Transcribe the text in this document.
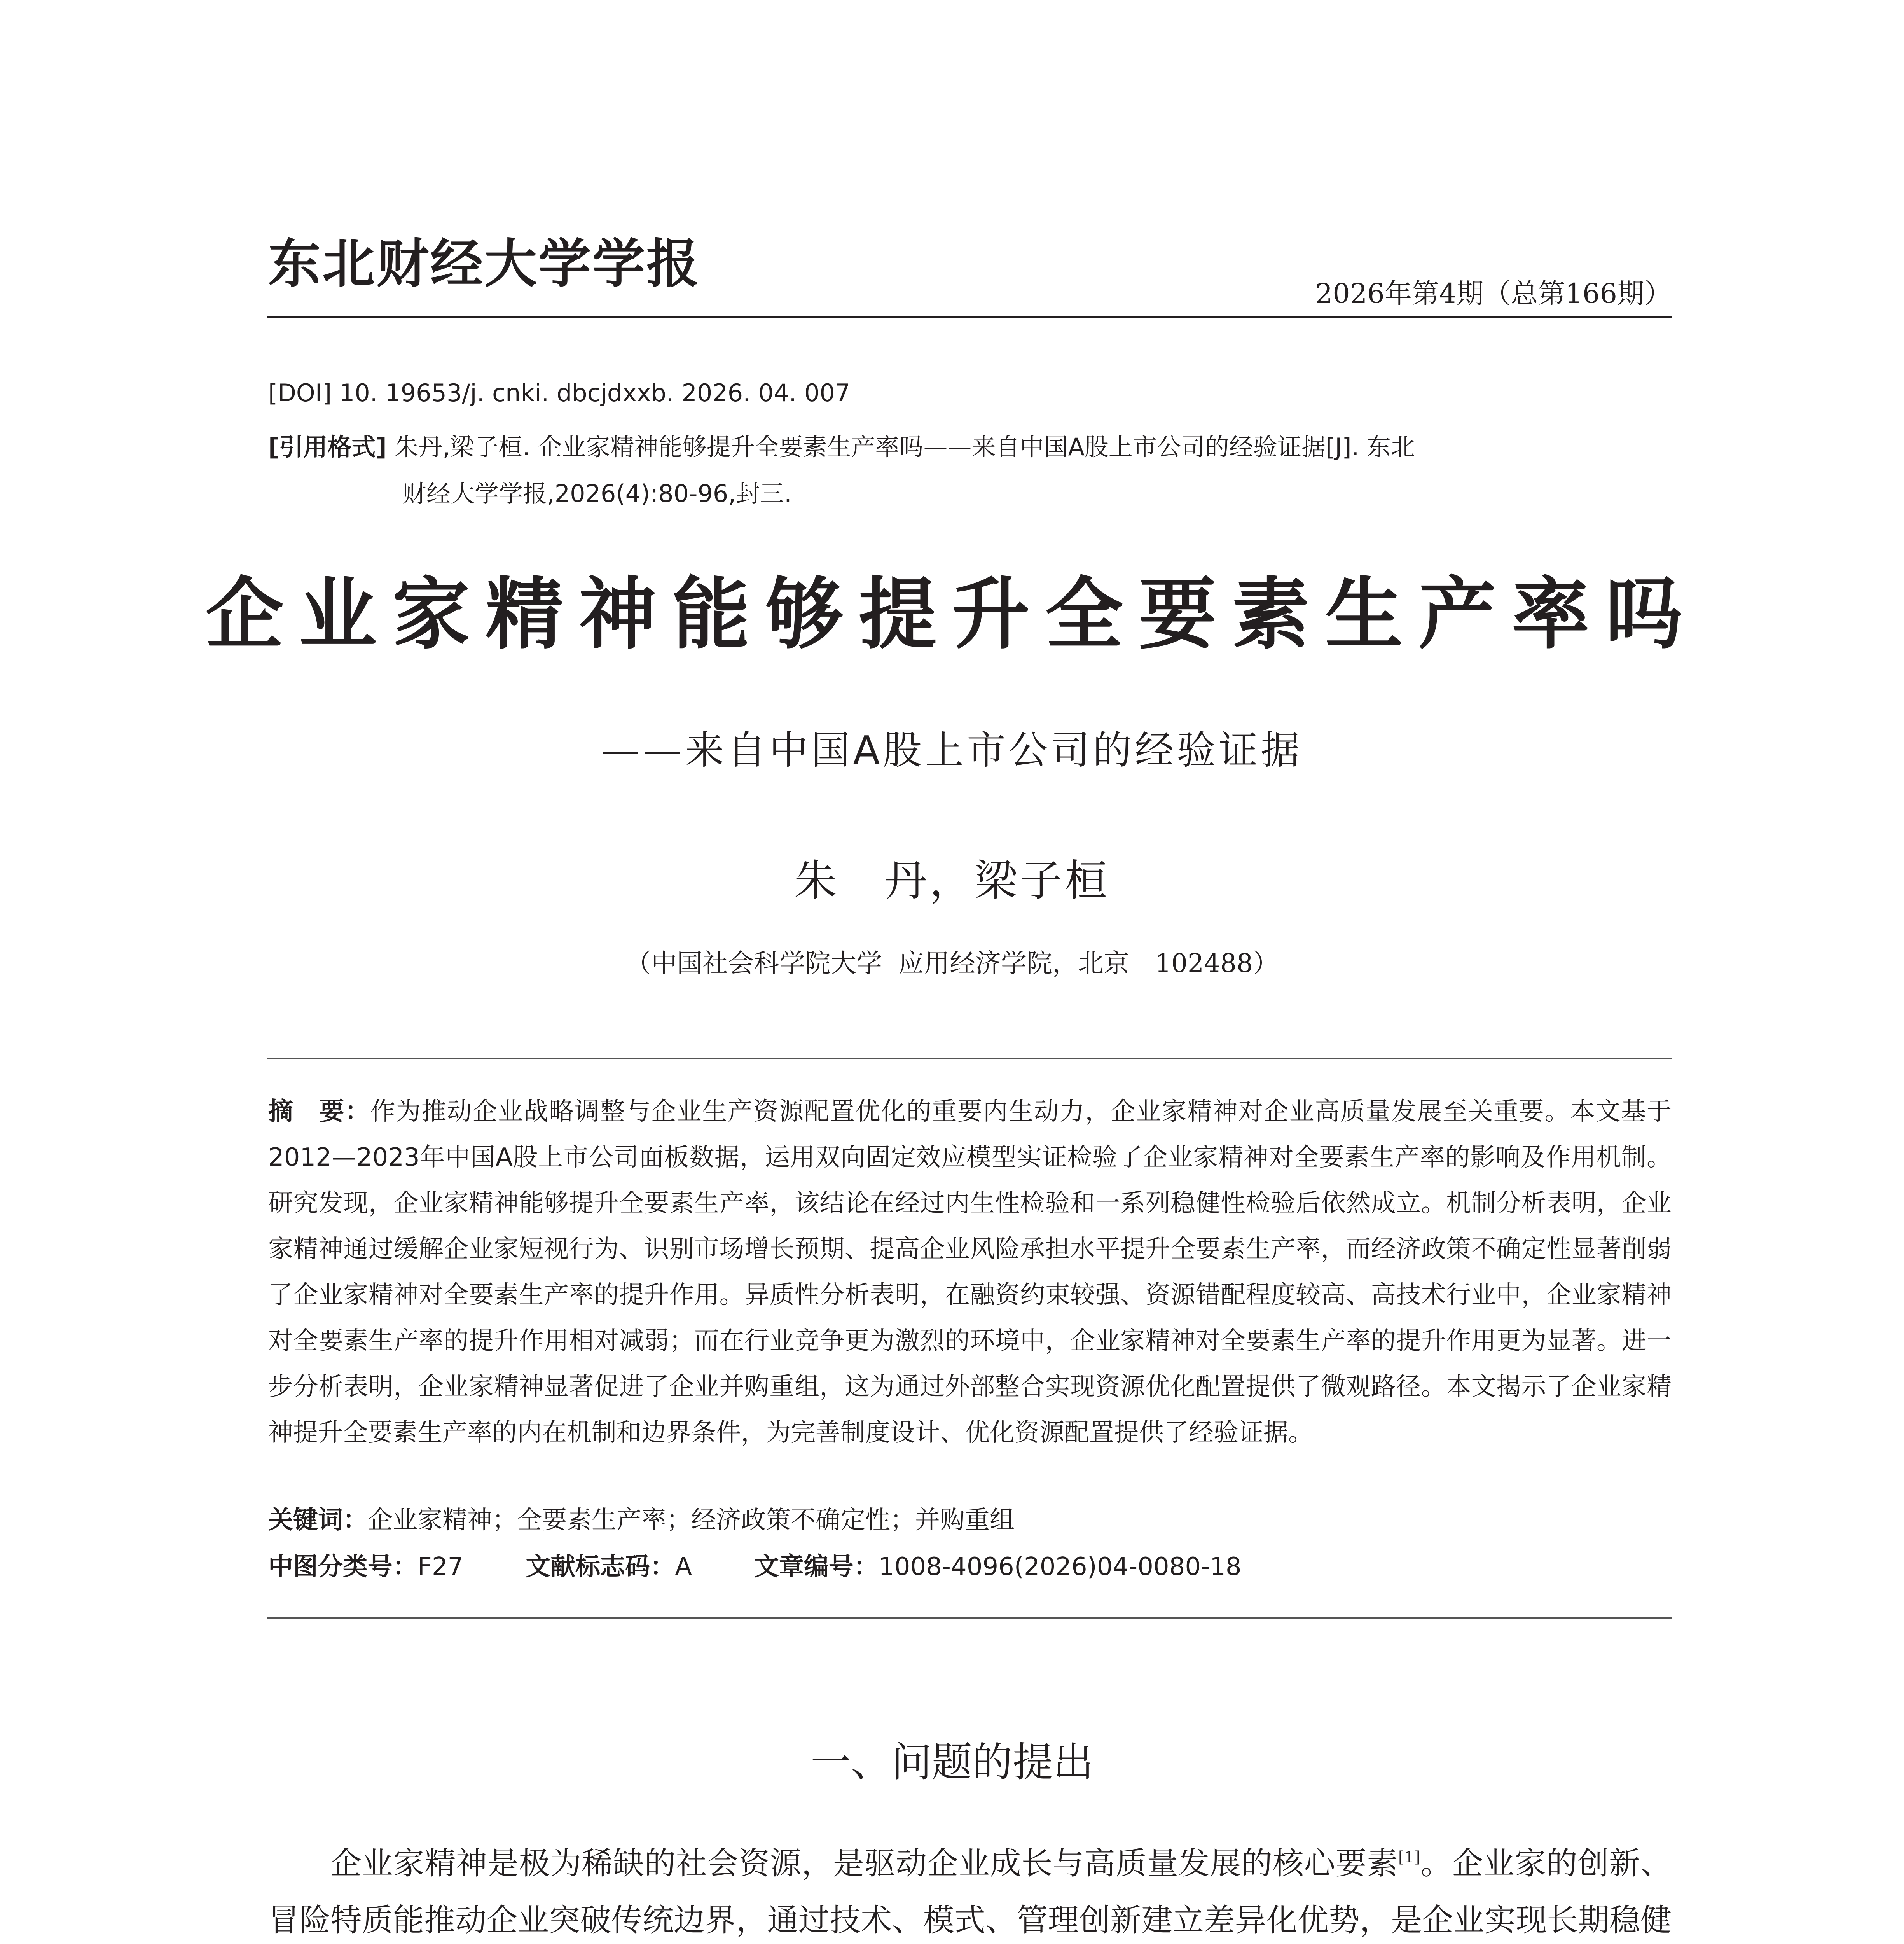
东北财经大学学报	2026年第4期（总第166期）
[DOI] 10. 19653/j. cnki. dbcjdxxb. 2026. 04. 007
[引用格式] 朱丹,梁子桓. 企业家精神能够提升全要素生产率吗——来自中国A股上市公司的经验证据[J]. 东北
财经大学学报,2026(4):80-96,封三.
企业家精神能够提升全要素生产率吗
——来自中国A股上市公司的经验证据
朱　丹，梁子桓
（中国社会科学院大学  应用经济学院，北京　102488）
摘　要：作为推动企业战略调整与企业生产资源配置优化的重要内生动力，企业家精神对企业高质量发展至关重要。本文基于2012—2023年中国A股上市公司面板数据，运用双向固定效应模型实证检验了企业家精神对全要素生产率的影响及作用机制。研究发现，企业家精神能够提升全要素生产率，该结论在经过内生性检验和一系列稳健性检验后依然成立。机制分析表明，企业家精神通过缓解企业家短视行为、识别市场增长预期、提高企业风险承担水平提升全要素生产率，而经济政策不确定性显著削弱了企业家精神对全要素生产率的提升作用。异质性分析表明，在融资约束较强、资源错配程度较高、高技术行业中，企业家精神对全要素生产率的提升作用相对减弱；而在行业竞争更为激烈的环境中，企业家精神对全要素生产率的提升作用更为显著。进一步分析表明，企业家精神显著促进了企业并购重组，这为通过外部整合实现资源优化配置提供了微观路径。本文揭示了企业家精神提升全要素生产率的内在机制和边界条件，为完善制度设计、优化资源配置提供了经验证据。
关键词：企业家精神；全要素生产率；经济政策不确定性；并购重组
中图分类号：F27	文献标志码：A	文章编号：1008-4096(2026)04-0080-18
一、问题的提出
企业家精神是极为稀缺的社会资源，是驱动企业成长与高质量发展的核心要素[1]。企业家的创新、冒险特质能推动企业突破传统边界，通过技术、模式、管理创新建立差异化优势，是企业实现长期稳健
